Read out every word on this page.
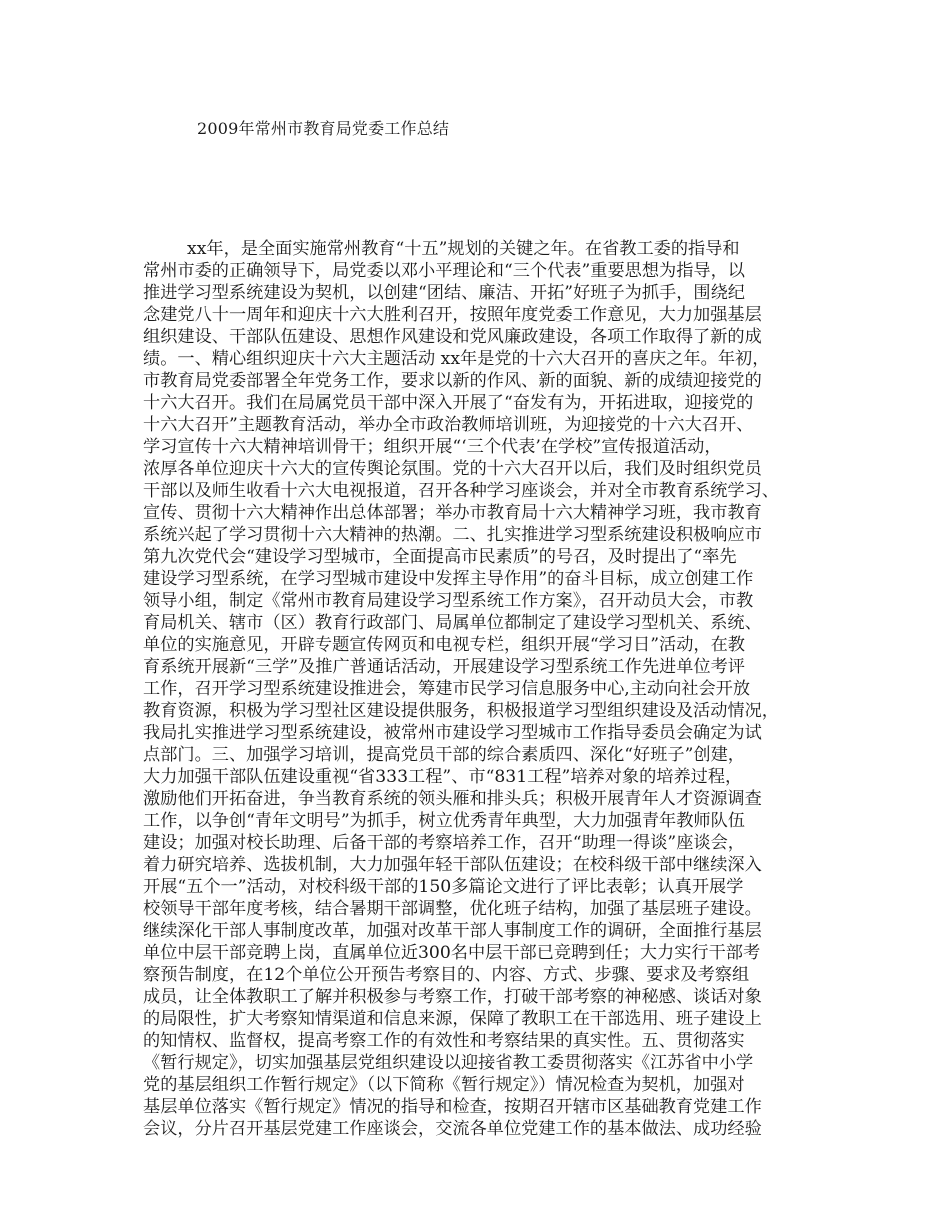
2009年常州市教育局党委工作总结
xx年，是全面实施常州教育“十五”规划的关键之年。在省教工委的指导和
常州市委的正确领导下，局党委以邓小平理论和“三个代表”重要思想为指导，以
推进学习型系统建设为契机，以创建“团结、廉洁、开拓”好班子为抓手，围绕纪
念建党八十一周年和迎庆十六大胜利召开，按照年度党委工作意见，大力加强基层
组织建设、干部队伍建设、思想作风建设和党风廉政建设，各项工作取得了新的成
绩。一、精心组织迎庆十六大主题活动 xx年是党的十六大召开的喜庆之年。年初，
市教育局党委部署全年党务工作，要求以新的作风、新的面貌、新的成绩迎接党的
十六大召开。我们在局属党员干部中深入开展了“奋发有为，开拓进取，迎接党的
十六大召开”主题教育活动，举办全市政治教师培训班，为迎接党的十六大召开、
学习宣传十六大精神培训骨干；组织开展“‘三个代表’在学校”宣传报道活动，
浓厚各单位迎庆十六大的宣传舆论氛围。党的十六大召开以后，我们及时组织党员
干部以及师生收看十六大电视报道，召开各种学习座谈会，并对全市教育系统学习、
宣传、贯彻十六大精神作出总体部署；举办市教育局十六大精神学习班，我市教育
系统兴起了学习贯彻十六大精神的热潮。二、扎实推进学习型系统建设积极响应市
第九次党代会“建设学习型城市，全面提高市民素质”的号召，及时提出了“率先
建设学习型系统，在学习型城市建设中发挥主导作用”的奋斗目标，成立创建工作
领导小组，制定《常州市教育局建设学习型系统工作方案》，召开动员大会，市教
育局机关、辖市（区）教育行政部门、局属单位都制定了建设学习型机关、系统、
单位的实施意见，开辟专题宣传网页和电视专栏，组织开展“学习日”活动，在教
育系统开展新“三学”及推广普通话活动，开展建设学习型系统工作先进单位考评
工作，召开学习型系统建设推进会，筹建市民学习信息服务中心,主动向社会开放
教育资源，积极为学习型社区建设提供服务，积极报道学习型组织建设及活动情况，
我局扎实推进学习型系统建设，被常州市建设学习型城市工作指导委员会确定为试
点部门。三、加强学习培训，提高党员干部的综合素质四、深化“好班子”创建，
大力加强干部队伍建设重视“省333工程”、市“831工程”培养对象的培养过程，
激励他们开拓奋进，争当教育系统的领头雁和排头兵；积极开展青年人才资源调查
工作，以争创“青年文明号”为抓手，树立优秀青年典型，大力加强青年教师队伍
建设；加强对校长助理、后备干部的考察培养工作，召开“助理一得谈”座谈会，
着力研究培养、选拔机制，大力加强年轻干部队伍建设；在校科级干部中继续深入
开展“五个一”活动，对校科级干部的150多篇论文进行了评比表彰；认真开展学
校领导干部年度考核，结合暑期干部调整，优化班子结构，加强了基层班子建设。
继续深化干部人事制度改革，加强对改革干部人事制度工作的调研，全面推行基层
单位中层干部竞聘上岗，直属单位近300名中层干部已竞聘到任；大力实行干部考
察预告制度，在12个单位公开预告考察目的、内容、方式、步骤、要求及考察组
成员，让全体教职工了解并积极参与考察工作，打破干部考察的神秘感、谈话对象
的局限性，扩大考察知情渠道和信息来源，保障了教职工在干部选用、班子建设上
的知情权、监督权，提高考察工作的有效性和考察结果的真实性。五、贯彻落实
《暂行规定》，切实加强基层党组织建设以迎接省教工委贯彻落实《江苏省中小学
党的基层组织工作暂行规定》（以下简称《暂行规定》）情况检查为契机，加强对
基层单位落实《暂行规定》情况的指导和检查，按期召开辖市区基础教育党建工作
会议，分片召开基层党建工作座谈会，交流各单位党建工作的基本做法、成功经验
